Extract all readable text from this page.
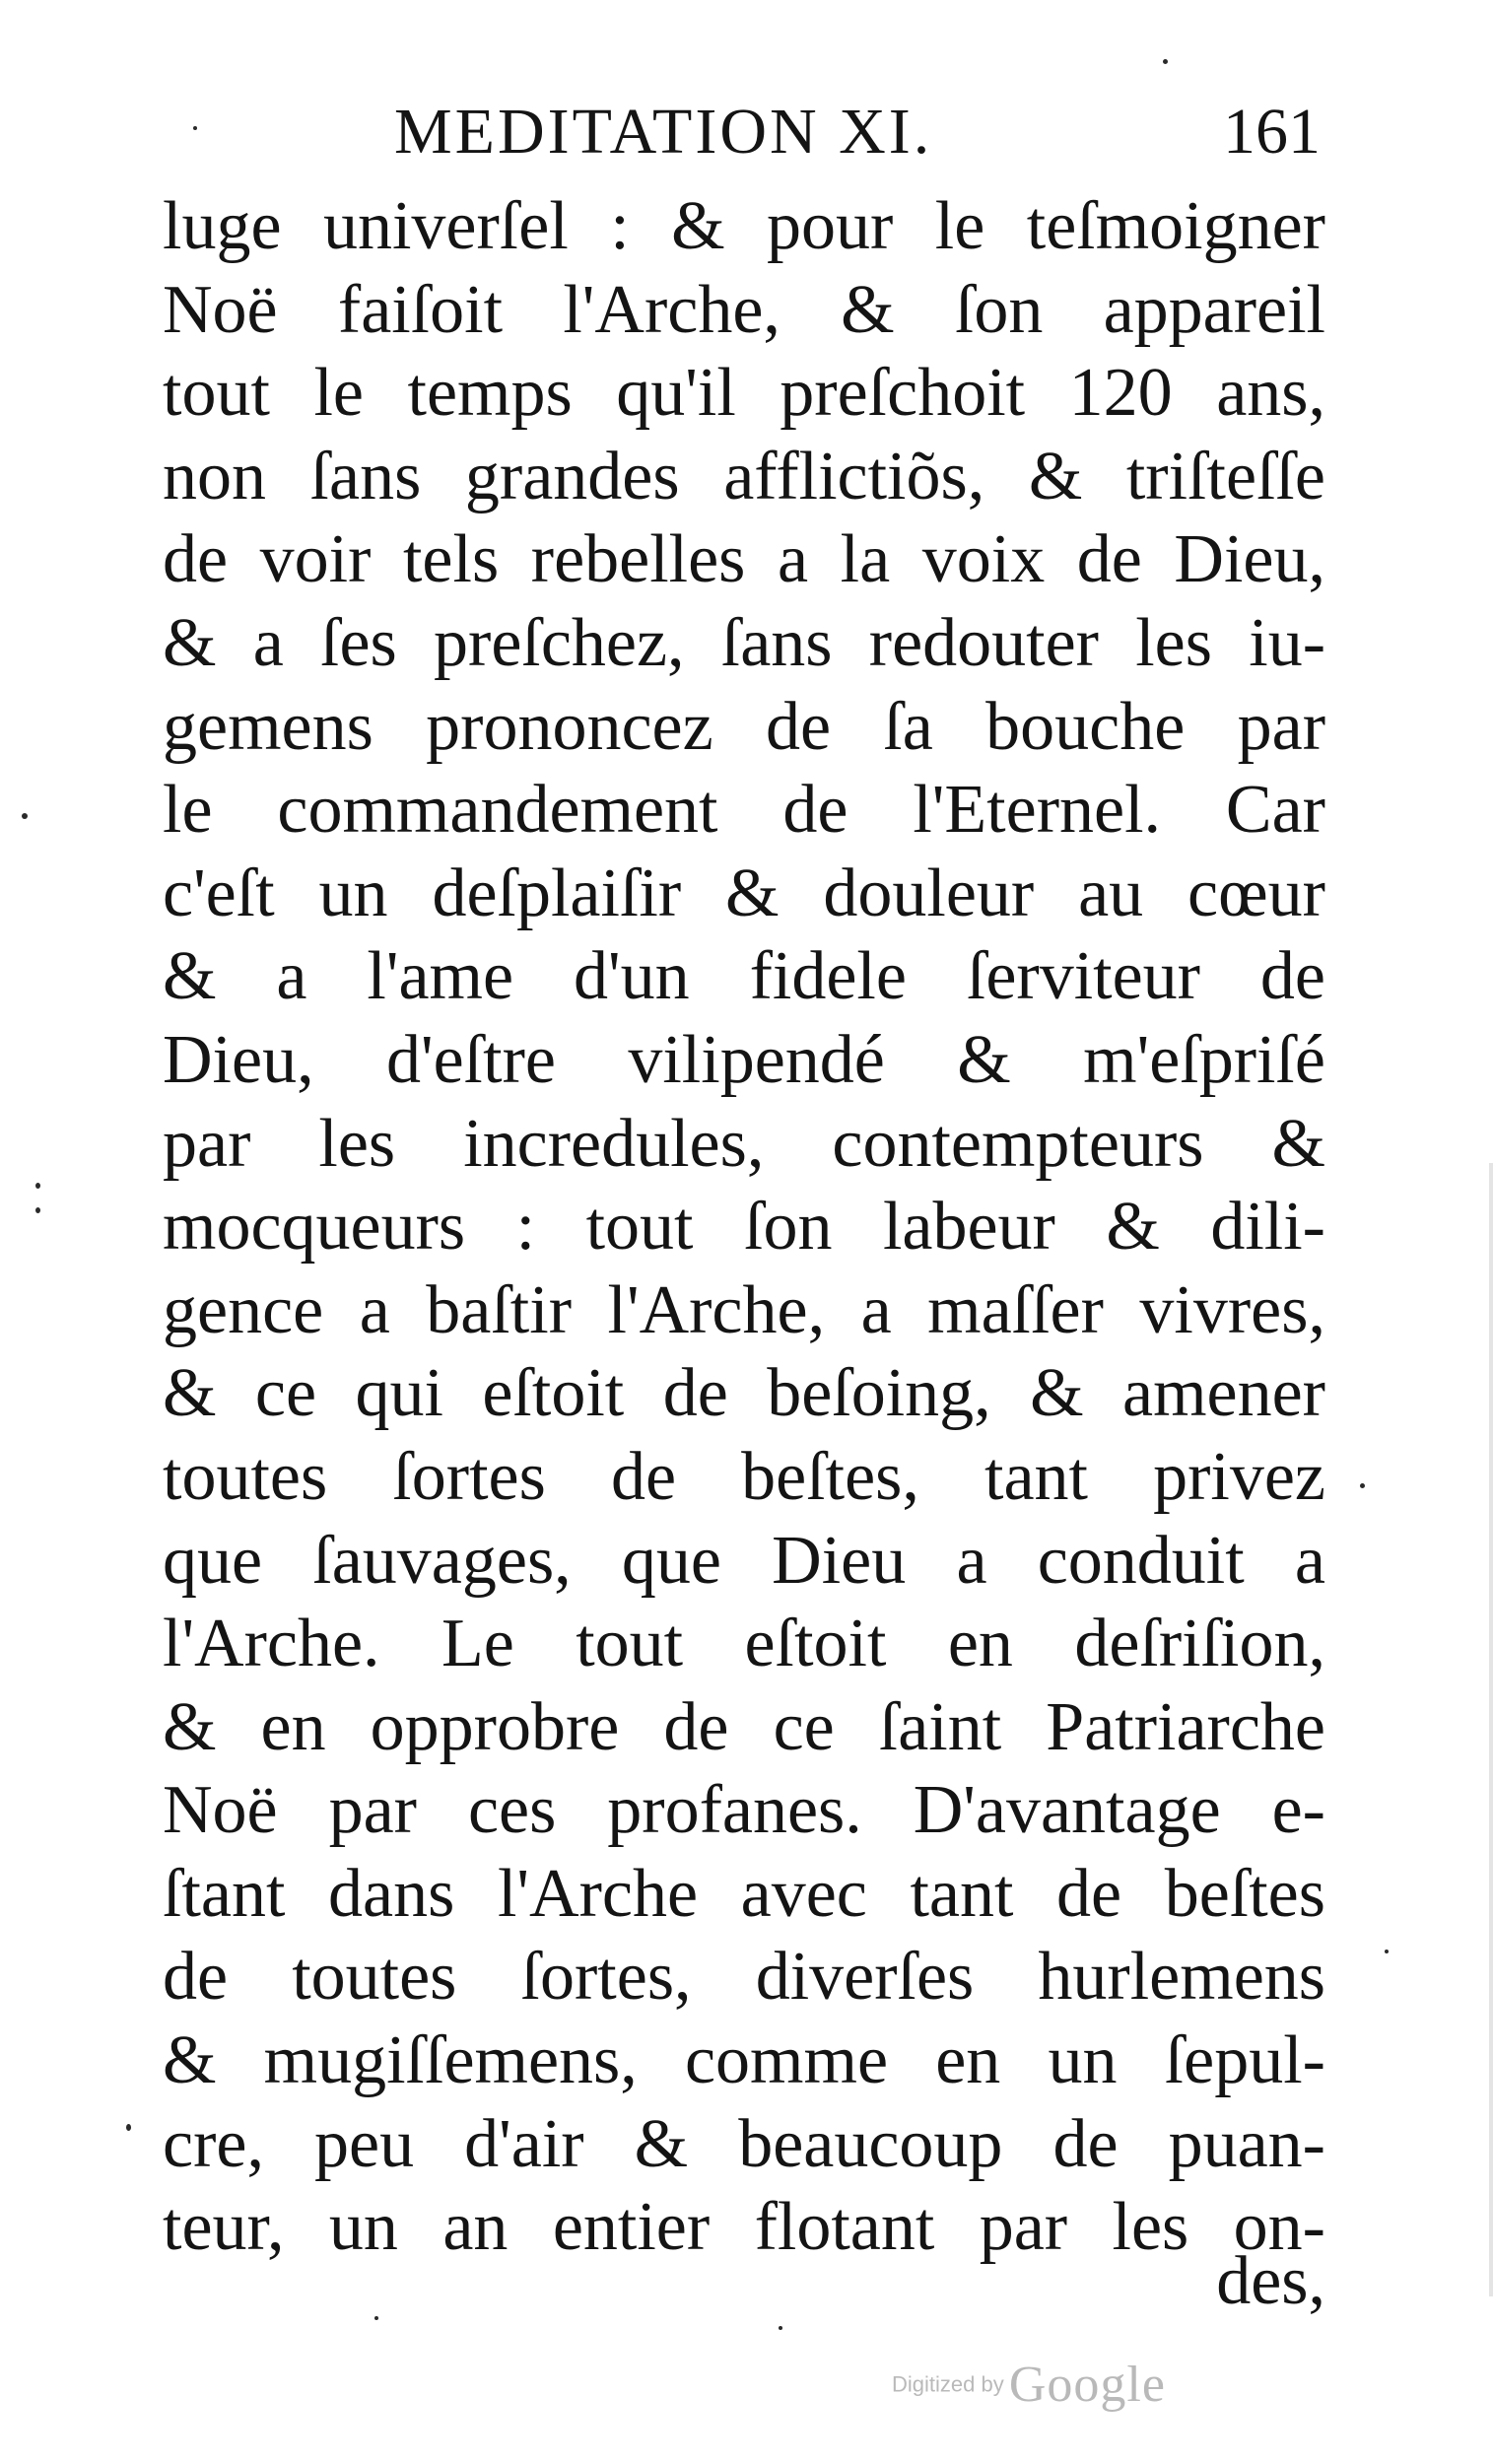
MEDITATION XI.	161
luge univerſel : & pour le teſmoigner
Noë faiſoit l'Arche, & ſon appareil
tout le temps qu'il preſchoit 120 ans,
non ſans grandes afflictiõs, & triſteſſe
de voir tels rebelles a la voix de Dieu,
& a ſes preſchez, ſans redouter les iu-
gemens prononcez de ſa bouche par
le commandement de l'Eternel. Car
c'eſt un deſplaiſir & douleur au cœur
& a l'ame d'un fidele ſerviteur de
Dieu, d'eſtre vilipendé & m'eſpriſé
par les incredules, contempteurs &
mocqueurs : tout ſon labeur & dili-
gence a baſtir l'Arche, a maſſer vivres,
& ce qui eſtoit de beſoing, & amener
toutes ſortes de beſtes, tant privez
que ſauvages, que Dieu a conduit a
l'Arche. Le tout eſtoit en deſriſion,
& en opprobre de ce ſaint Patriarche
Noë par ces profanes. D'avantage e-
ſtant dans l'Arche avec tant de beſtes
de toutes ſortes, diverſes hurlemens
& mugiſſemens, comme en un ſepul-
cre, peu d'air & beaucoup de puan-
teur, un an entier flotant par les on-
des,
Digitized by Google
